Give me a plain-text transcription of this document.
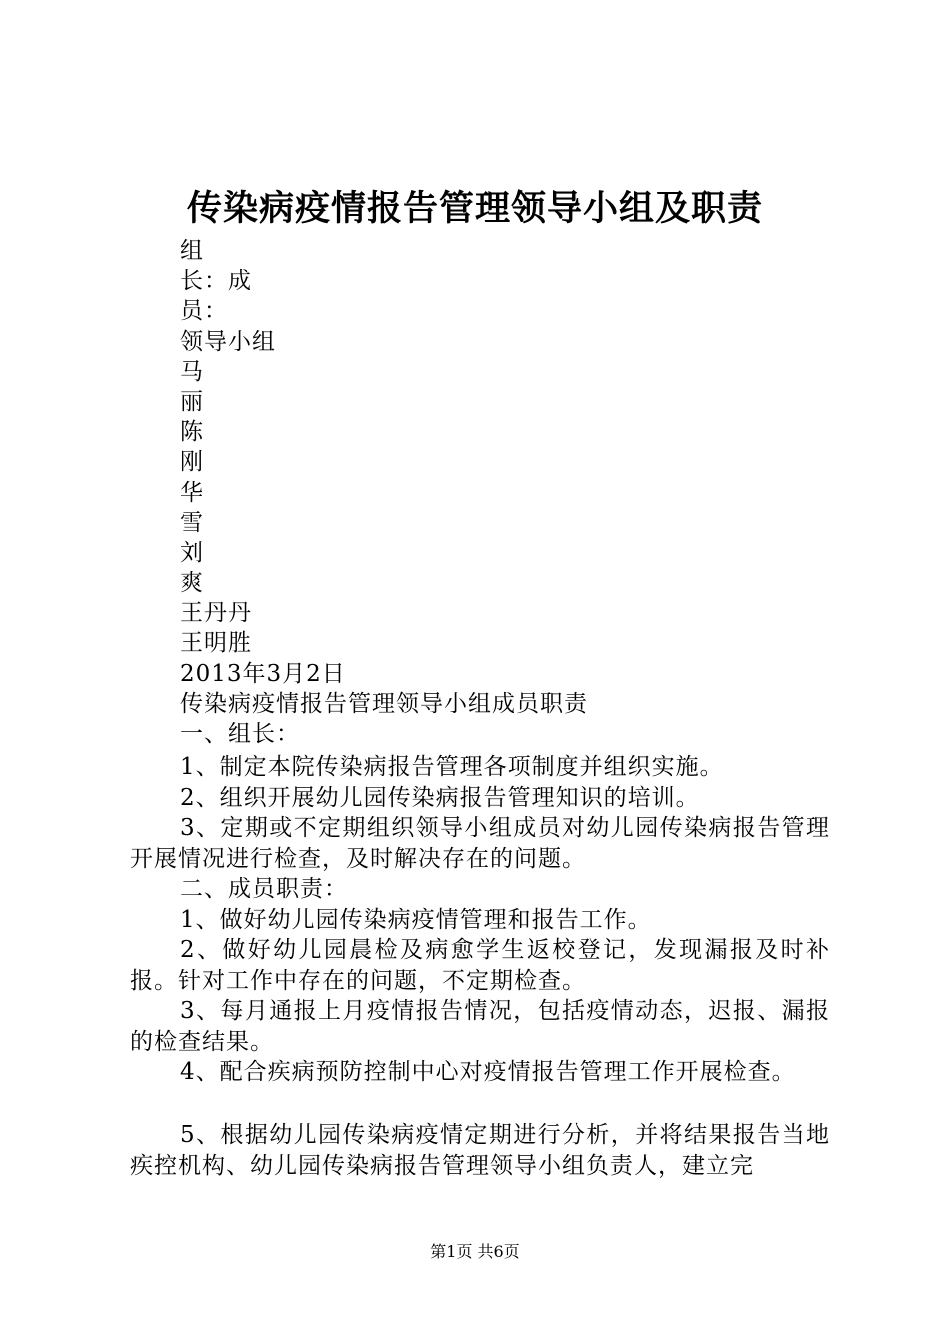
传染病疫情报告管理领导小组及职责
组
长：成
员：
领导小组
马
丽
陈
刚
华
雪
刘
爽
王丹丹
王明胜
2013年3月2日
传染病疫情报告管理领导小组成员职责
一、组长：

1、制定本院传染病报告管理各项制度并组织实施。

2、组织开展幼儿园传染病报告管理知识的培训。

3、定期或不定期组织领导小组成员对幼儿园传染病报告管理开展情况进行检查，及时解决存在的问题。

二、成员职责：

1、做好幼儿园传染病疫情管理和报告工作。

2、做好幼儿园晨检及病愈学生返校登记，发现漏报及时补报。针对工作中存在的问题，不定期检查。

3、每月通报上月疫情报告情况，包括疫情动态，迟报、漏报的检查结果。

4、配合疾病预防控制中心对疫情报告管理工作开展检查。

5、根据幼儿园传染病疫情定期进行分析，并将结果报告当地疾控机构、幼儿园传染病报告管理领导小组负责人，建立完

第1页 共6页
